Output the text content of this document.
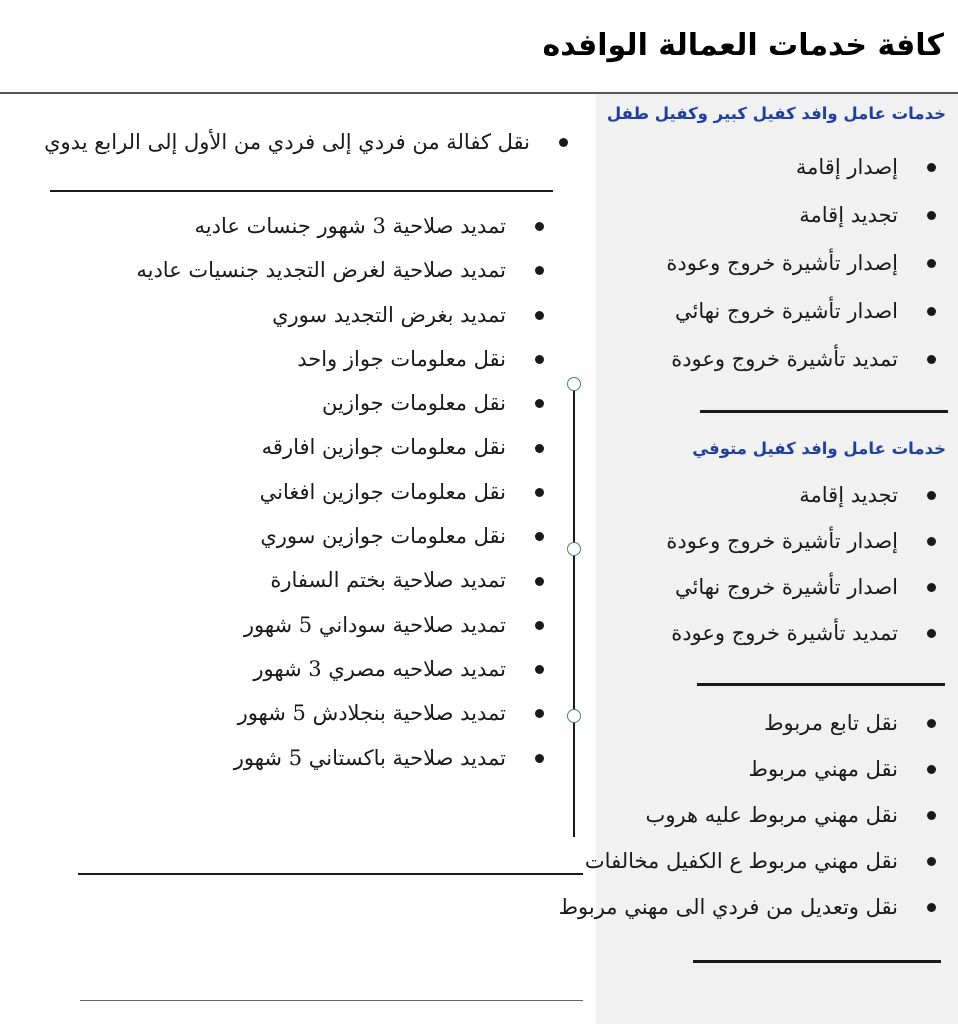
كافة خدمات العمالة الوافده
خدمات عامل وافد كفيل كبير وكفيل طفل
إصدار إقامة
تجديد إقامة
إصدار تأشيرة خروج وعودة
اصدار تأشيرة خروج نهائي
تمديد تأشيرة خروج وعودة
خدمات عامل وافد كفيل متوفي
تجديد إقامة
إصدار تأشيرة خروج وعودة
اصدار تأشيرة خروج نهائي
تمديد تأشيرة خروج وعودة
نقل تابع مربوط
نقل مهني مربوط
نقل مهني مربوط عليه هروب
نقل مهني مربوط ع الكفيل مخالفات
نقل وتعديل من فردي الى مهني مربوط
نقل كفالة من فردي إلى فردي من الأول إلى الرابع يدوي
تمديد صلاحية 3 شهور جنسات عاديه
تمديد صلاحية لغرض التجديد جنسيات عاديه
تمديد بغرض التجديد سوري
نقل معلومات جواز واحد
نقل معلومات جوازين
نقل معلومات جوازين افارقه
نقل معلومات جوازين افغاني
نقل معلومات جوازين سوري
تمديد صلاحية بختم السفارة
تمديد صلاحية سوداني 5 شهور
تمديد صلاحيه مصري 3 شهور
تمديد صلاحية بنجلادش 5 شهور
تمديد صلاحية باكستاني 5 شهور
